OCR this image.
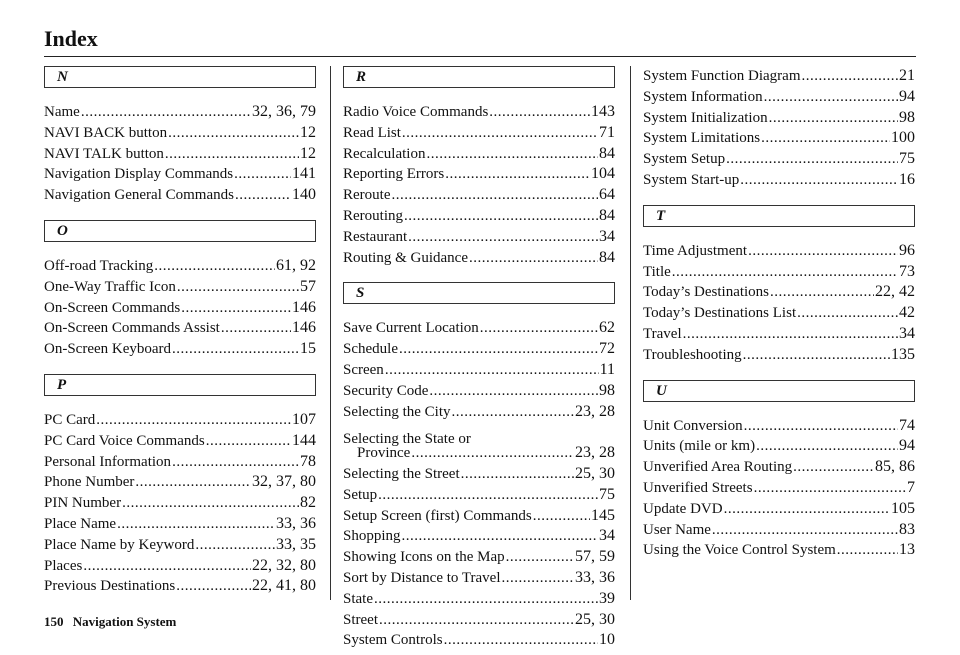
Index
N
Name .....	32, 36, 79
NAVI BACK button .....	12
NAVI TALK button .....	12
Navigation Display Commands .....	141
Navigation General Commands .....	140
O
Off-road Tracking .....	61, 92
One-Way Traffic Icon .....	57
On-Screen Commands .....	146
On-Screen Commands Assist .....	146
On-Screen Keyboard .....	15
P
PC Card .....	107
PC Card Voice Commands .....	144
Personal Information .....	78
Phone Number .....	32, 37, 80
PIN Number .....	82
Place Name .....	33, 36
Place Name by Keyword .....	33, 35
Places .....	22, 32, 80
Previous Destinations .....	22, 41, 80
R
Radio Voice Commands .....	143
Read List .....	71
Recalculation .....	84
Reporting Errors .....	104
Reroute .....	64
Rerouting .....	84
Restaurant .....	34
Routing & Guidance .....	84
S
Save Current Location .....	62
Schedule .....	72
Screen .....	11
Security Code .....	98
Selecting the City .....	23, 28
Selecting the State or
Province .....	23, 28
Selecting the Street .....	25, 30
Setup .....	75
Setup Screen (first) Commands .....	145
Shopping .....	34
Showing Icons on the Map .....	57, 59
Sort by Distance to Travel .....	33, 36
State .....	39
Street .....	25, 30
System Controls .....	10
System Function Diagram .....	21
System Information .....	94
System Initialization .....	98
System Limitations .....	100
System Setup .....	75
System Start-up .....	16
T
Time Adjustment .....	96
Title .....	73
Today’s Destinations .....	22, 42
Today’s Destinations List .....	42
Travel .....	34
Troubleshooting .....	135
U
Unit Conversion .....	74
Units (mile or km) .....	94
Unverified Area Routing .....	85, 86
Unverified Streets .....	7
Update DVD .....	105
User Name .....	83
Using the Voice Control System .....	13
150 Navigation System
